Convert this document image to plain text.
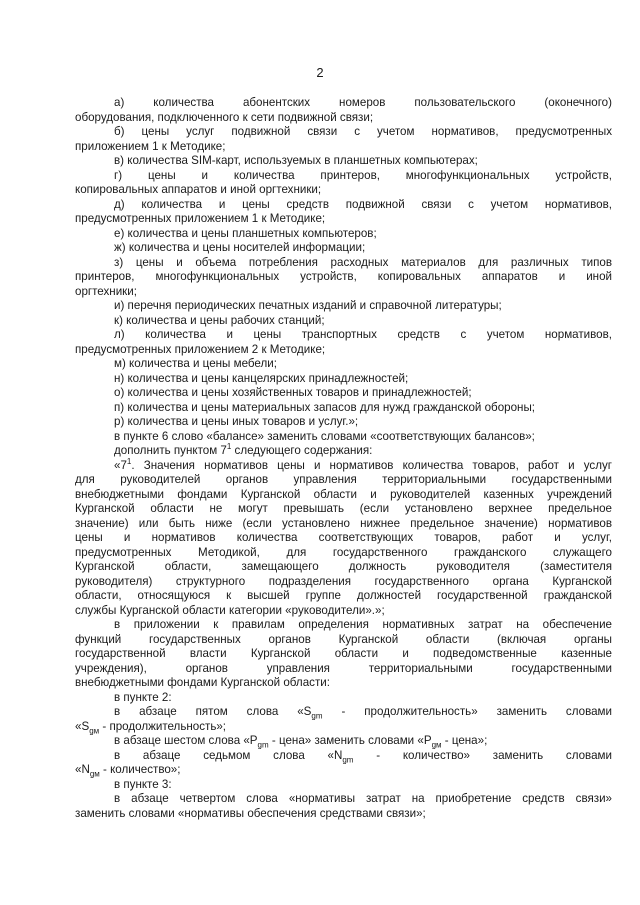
2

а) количества абонентских номеров пользовательского (оконечного)

оборудования, подключенного к сети подвижной связи;

б) цены услуг подвижной связи с учетом нормативов, предусмотренных

приложением 1 к Методике;

в) количества SIM-карт, используемых в планшетных компьютерах;

г) цены и количества принтеров, многофункциональных устройств,

копировальных аппаратов и иной оргтехники;

д) количества и цены средств подвижной связи с учетом нормативов,

предусмотренных приложением 1 к Методике;

е) количества и цены планшетных компьютеров;

ж) количества и цены носителей информации;

з) цены и объема потребления расходных материалов для различных типов

принтеров, многофункциональных устройств, копировальных аппаратов и иной

оргтехники;

и) перечня периодических печатных изданий и справочной литературы;

к) количества и цены рабочих станций;

л) количества и цены транспортных средств с учетом нормативов,

предусмотренных приложением 2 к Методике;

м) количества и цены мебели;

н) количества и цены канцелярских принадлежностей;

о) количества и цены хозяйственных товаров и принадлежностей;

п) количества и цены материальных запасов для нужд гражданской обороны;

р) количества и цены иных товаров и услуг.»;

в пункте 6 слово «балансе» заменить словами «соответствующих балансов»;

дополнить пунктом $7^1$ следующего содержания:

«$7^1$. Значения нормативов цены и нормативов количества товаров, работ и услуг

для руководителей органов управления территориальными государственными

внебюджетными фондами Курганской области и руководителей казенных учреждений

Курганской области не могут превышать (если установлено верхнее предельное

значение) или быть ниже (если установлено нижнее предельное значение) нормативов

цены и нормативов количества соответствующих товаров, работ и услуг,

предусмотренных Методикой, для государственного гражданского служащего

Курганской области, замещающего должность руководителя (заместителя

руководителя) структурного подразделения государственного органа Курганской

области, относящуюся к высшей группе должностей государственной гражданской

службы Курганской области категории «руководители».»;

в приложении к правилам определения нормативных затрат на обеспечение

функций государственных органов Курганской области (включая органы

государственной власти Курганской области и подведомственные казенные

учреждения), органов управления территориальными государственными

внебюджетными фондами Курганской области:

в пункте 2:

в абзаце пятом слова «$S_{gm}$ - продолжительность» заменить словами

«$S_{gм}$ - продолжительность»;

в абзаце шестом слова «$P_{gm}$ - цена» заменить словами «$P_{gм}$ - цена»;

в абзаце седьмом слова «$N_{gm}$ - количество» заменить словами

«$N_{gм}$ - количество»;

в пункте 3:

в абзаце четвертом слова «нормативы затрат на приобретение средств связи»

заменить словами «нормативы обеспечения средствами связи»;
